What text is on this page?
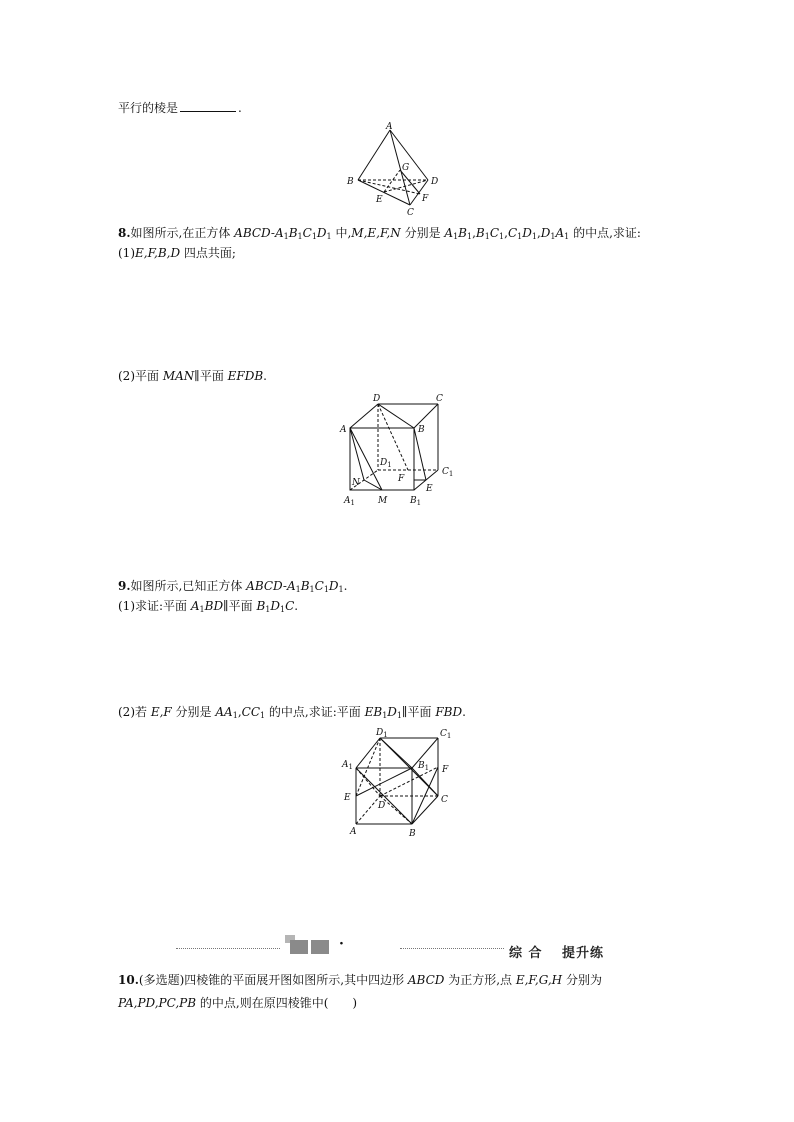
平行的棱是	.
A
G
B	D
E	F
C
8.如图所示,在正方体 ABCD-$A_1B_1C_1D_1$ 中,M,E,F,N 分别是 $A_1B_1,B_1C_1,C_1D_1,D_1A_1$ 的中点,求证:
(1)E,F,B,D 四点共面;
(2)平面 MAN∥平面 EFDB.
D	C
A	B
$D_1$
F
$C_1$
N
E
$A_1$	M	$B_1$
9.如图所示,已知正方体 ABCD-$A_1B_1C_1D_1$.
(1)求证:平面 $A_1BD\parallel$平面 $B_1D_1C$.
(2)若 E,F 分别是 $AA_1,CC_1$ 的中点,求证:平面 $EB_1D_1\parallel$平面 FBD.
$D_1$	$C_1$
$A_1$	$B_1$ F
E
D
C
A	B
·
综 合　 提升练
10.(多选题)四棱锥的平面展开图如图所示,其中四边形 ABCD 为正方形,点 E,F,G,H 分别为
PA,PD,PC,PB 的中点,则在原四棱锥中(　　)
